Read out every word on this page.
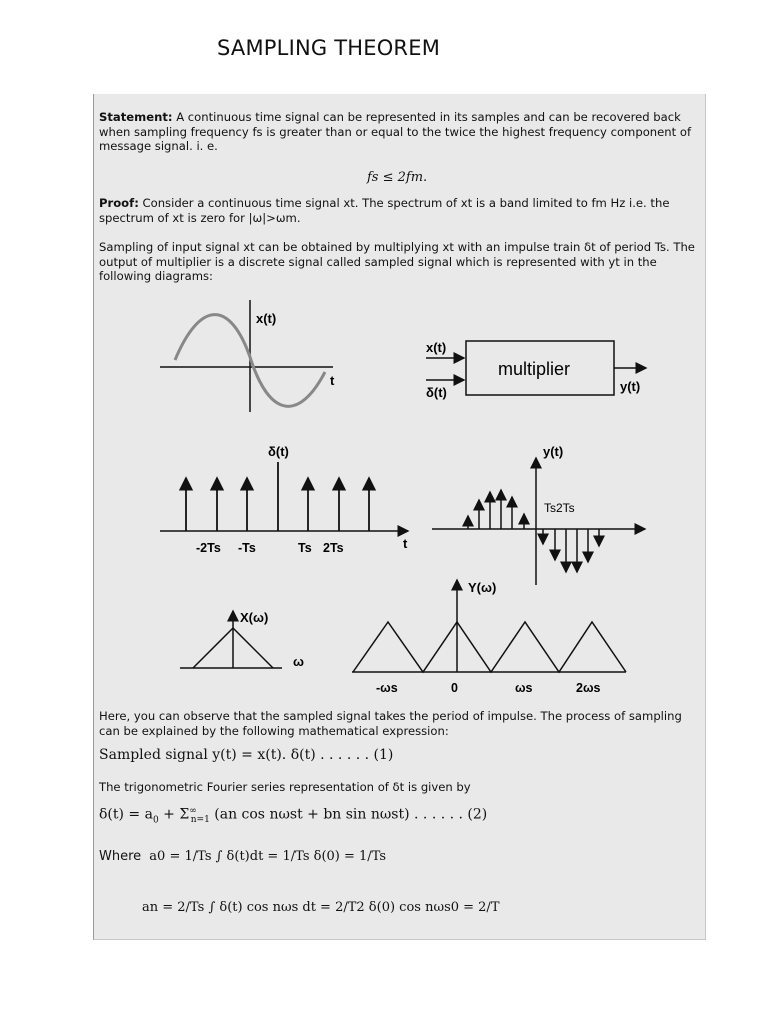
SAMPLING THEOREM
Statement: A continuous time signal can be represented in its samples and can be recovered back when sampling frequency fs is greater than or equal to the twice the highest frequency component of message signal. i. e.
fs ≤ 2fm.
Proof: Consider a continuous time signal xt. The spectrum of xt is a band limited to fm Hz i.e. the spectrum of xt is zero for |ω|>ωm.
Sampling of input signal xt can be obtained by multiplying xt with an impulse train δt of period Ts. The output of multiplier is a discrete signal called sampled signal which is represented with yt in the following diagrams:
x(t)
t
multiplier
x(t)
δ(t)	y(t)
δ(t)
-2Ts -Ts	Ts 2Ts	t
y(t)
Ts2Ts
X(ω)
ω
Y(ω)
-ωs	0	ωs	2ωs
Here, you can observe that the sampled signal takes the period of impulse. The process of sampling can be explained by the following mathematical expression:
Sampled signal y(t) = x(t). δ(t) . . . . . . (1)
The trigonometric Fourier series representation of δt is given by
$\delta(t) = a_0 + \Sigma^\infty_{n=1}$ (an cos nωst + bn sin nωst) . . . . . . (2)
Where a0 = 1/Ts ∫ δ(t)dt = 1/Ts δ(0) = 1/Ts
an = 2/Ts ∫ δ(t) cos nωs dt = 2/T2 δ(0) cos nωs0 = 2/T
